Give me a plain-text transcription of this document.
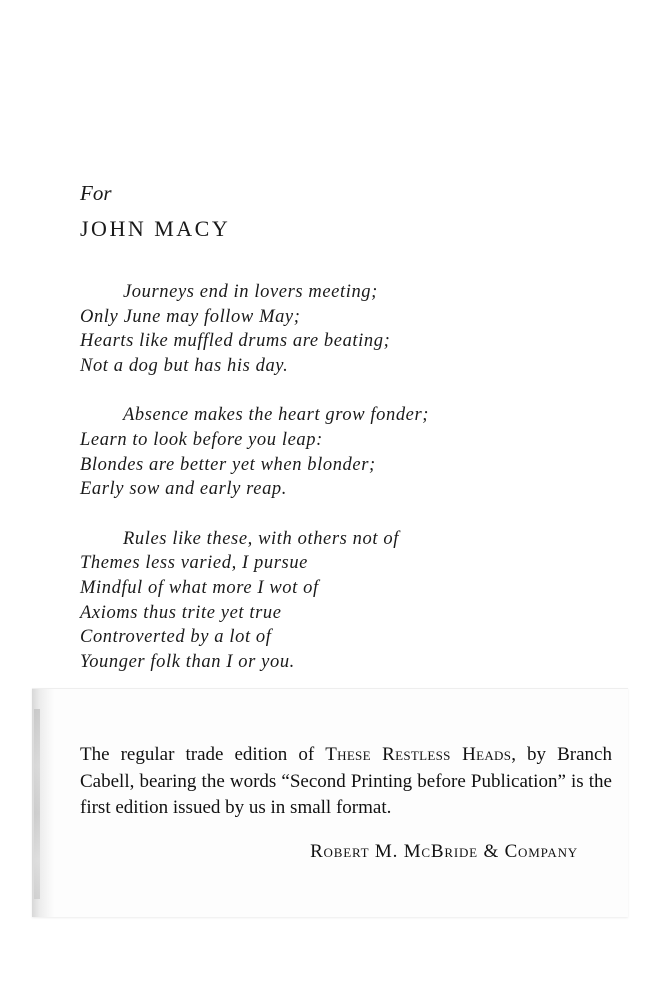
For

JOHN MACY
Journeys end in lovers meeting;
Only June may follow May;
Hearts like muffled drums are beating;
Not a dog but has his day.
Absence makes the heart grow fonder;
Learn to look before you leap:
Blondes are better yet when blonder;
Early sow and early reap.
Rules like these, with others not of
Themes less varied, I pursue
Mindful of what more I wot of
Axioms thus trite yet true
Controverted by a lot of
Younger folk than I or you.

The regular trade edition of These Restless Heads, by Branch Cabell, bearing the words “Second Printing before Publication” is the first edition issued by us in small format.

Robert M. McBride & Company
